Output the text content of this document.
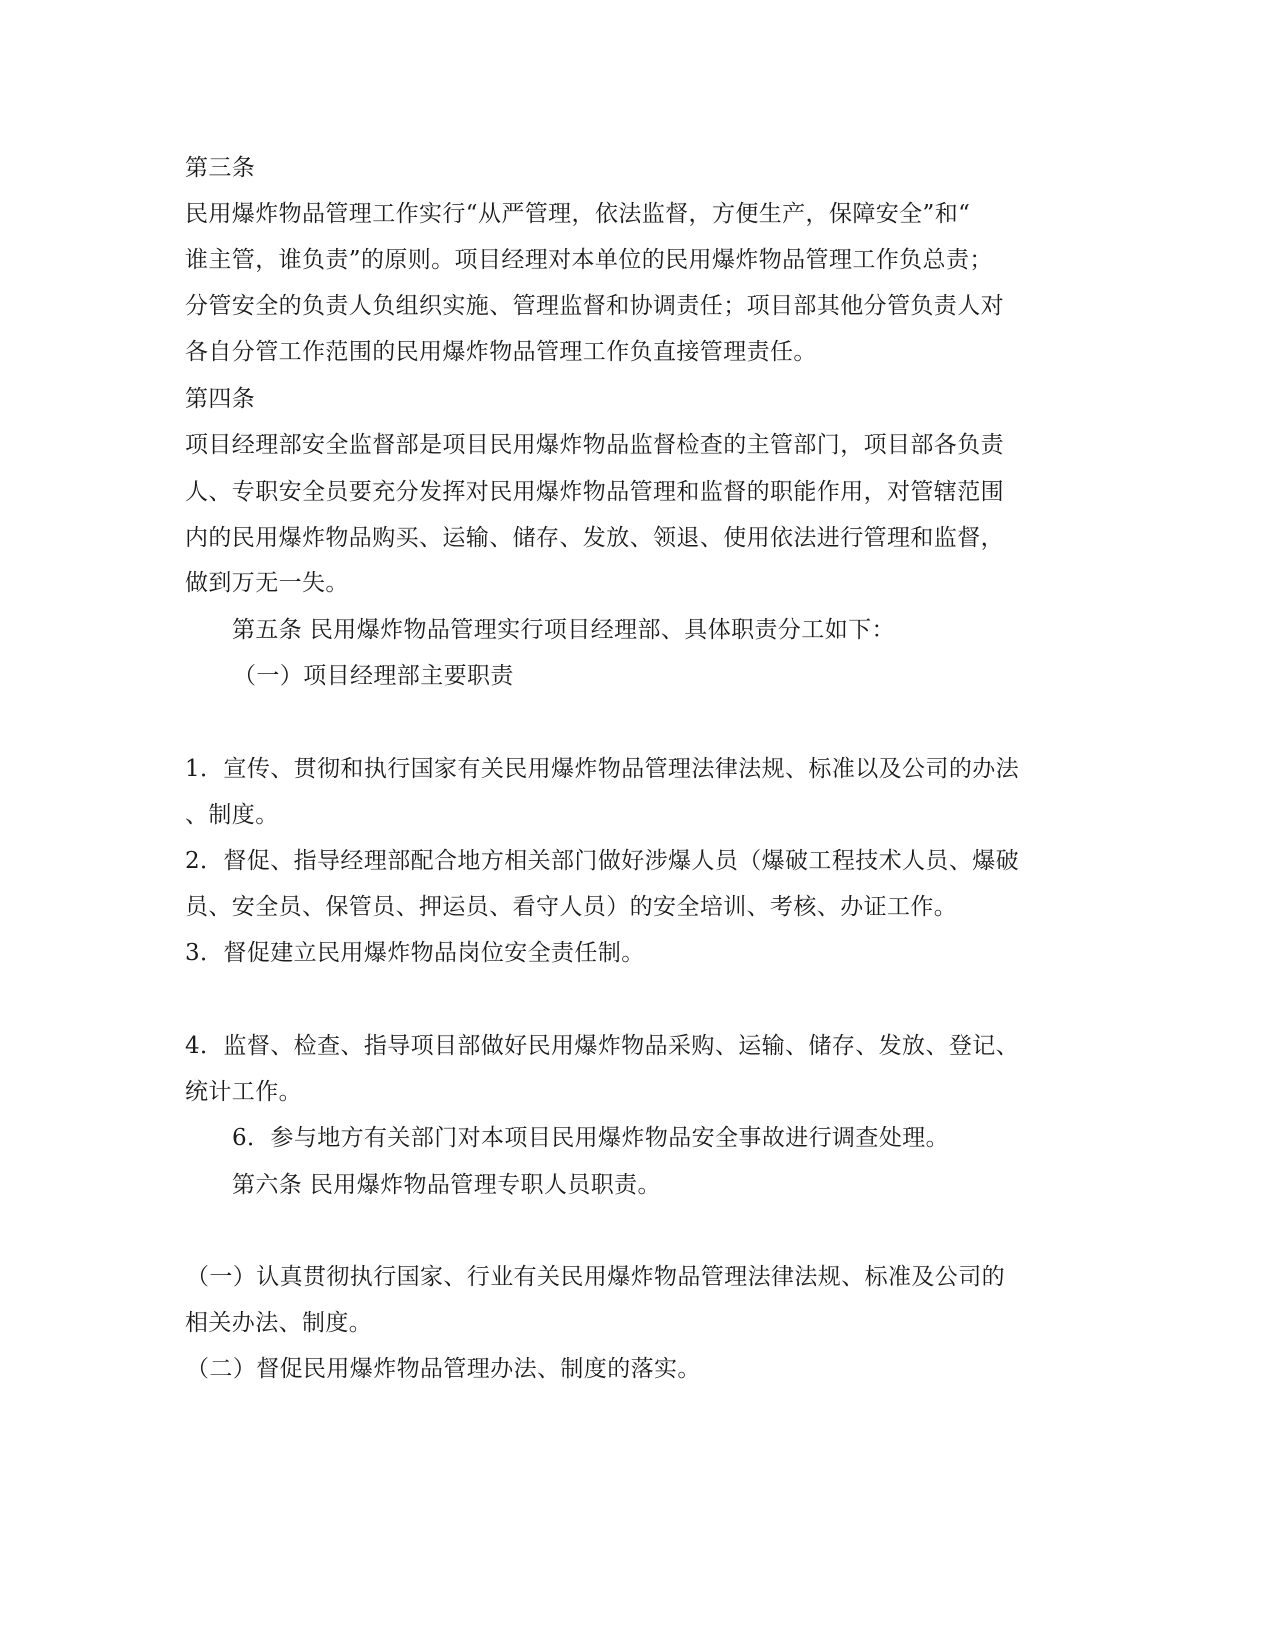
第三条
民用爆炸物品管理工作实行“从严管理，依法监督，方便生产，保障安全”和“
谁主管，谁负责”的原则。项目经理对本单位的民用爆炸物品管理工作负总责；
分管安全的负责人负组织实施、管理监督和协调责任；项目部其他分管负责人对
各自分管工作范围的民用爆炸物品管理工作负直接管理责任。
第四条
项目经理部安全监督部是项目民用爆炸物品监督检查的主管部门，项目部各负责
人、专职安全员要充分发挥对民用爆炸物品管理和监督的职能作用，对管辖范围
内的民用爆炸物品购买、运输、储存、发放、领退、使用依法进行管理和监督，
做到万无一失。
第五条 民用爆炸物品管理实行项目经理部、具体职责分工如下：
（一）项目经理部主要职责
1．宣传、贯彻和执行国家有关民用爆炸物品管理法律法规、标准以及公司的办法
、制度。
2．督促、指导经理部配合地方相关部门做好涉爆人员（爆破工程技术人员、爆破
员、安全员、保管员、押运员、看守人员）的安全培训、考核、办证工作。
3．督促建立民用爆炸物品岗位安全责任制。
4．监督、检查、指导项目部做好民用爆炸物品采购、运输、储存、发放、登记、
统计工作。
6．参与地方有关部门对本项目民用爆炸物品安全事故进行调查处理。
第六条 民用爆炸物品管理专职人员职责。
（一）认真贯彻执行国家、行业有关民用爆炸物品管理法律法规、标准及公司的
相关办法、制度。
（二）督促民用爆炸物品管理办法、制度的落实。
